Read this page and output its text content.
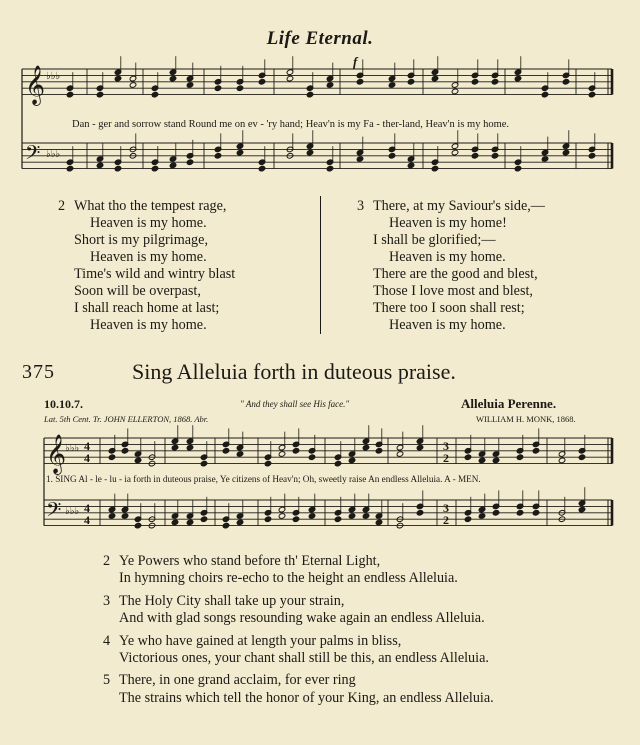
Life Eternal.
𝄞
𝄢
♭♭♭
♭♭♭
𝄞
𝄢
♭♭♭
♭♭♭
4
4
4
4
3
2
3
2
Dan - ger and sorrow stand Round me on ev - 'ry hand; Heav'n is my Fa - ther-land, Heav'n is my home.
f
2 What tho the tempest rage,
Heaven is my home.
Short is my pilgrimage,
Heaven is my home.
Time's wild and wintry blast
Soon will be overpast,
I shall reach home at last;
Heaven is my home.
3 There, at my Saviour's side,—
Heaven is my home!
I shall be glorified;—
Heaven is my home.
There are the good and blest,
Those I love most and blest,
There too I soon shall rest;
Heaven is my home.
375	Sing Alleluia forth in duteous praise.
10.10.7.	" And they shall see His face."	Alleluia Perenne.
Lat. 5th Cent. Tr. JOHN ELLERTON, 1868. Abr.	WILLIAM H. MONK, 1868.
1. SING Al - le - lu - ia forth in duteous praise, Ye citizens of Heav'n; Oh, sweetly raise An endless Alleluia. A - MEN.
2 Ye Powers who stand before th' Eternal Light,
In hymning choirs re-echo to the height an endless Alleluia.
3 The Holy City shall take up your strain,
And with glad songs resounding wake again an endless Alleluia.
4 Ye who have gained at length your palms in bliss,
Victorious ones, your chant shall still be this, an endless Alleluia.
5 There, in one grand acclaim, for ever ring
The strains which tell the honor of your King, an endless Alleluia.
